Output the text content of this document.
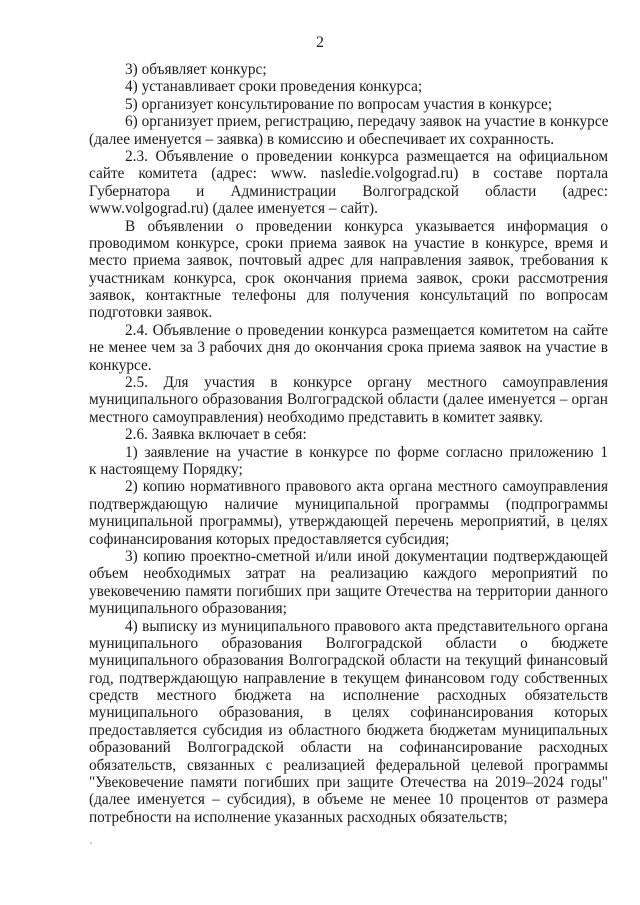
2
3) объявляет конкурс;
4) устанавливает сроки проведения конкурса;
5) организует консультирование по вопросам участия в конкурсе;
6) организует прием, регистрацию, передачу заявок на участие в конкурсе
(далее именуется – заявка) в комиссию и обеспечивает их сохранность.
2.3. Объявление о проведении конкурса размещается на официальном
сайте комитета (адрес: www. nasledie.volgograd.ru) в составе портала
Губернатора и Администрации Волгоградской области (адрес:
www.volgograd.ru) (далее именуется – сайт).
В объявлении о проведении конкурса указывается информация о
проводимом конкурсе, сроки приема заявок на участие в конкурсе, время и
место приема заявок, почтовый адрес для направления заявок, требования к
участникам конкурса, срок окончания приема заявок, сроки рассмотрения
заявок, контактные телефоны для получения консультаций по вопросам
подготовки заявок.
2.4. Объявление о проведении конкурса размещается комитетом на сайте
не менее чем за 3 рабочих дня до окончания срока приема заявок на участие в
конкурсе.
2.5. Для участия в конкурсе органу местного самоуправления
муниципального образования Волгоградской области (далее именуется – орган
местного самоуправления) необходимо представить в комитет заявку.
2.6. Заявка включает в себя:
1) заявление на участие в конкурсе по форме согласно приложению 1
к настоящему Порядку;
2) копию нормативного правового акта органа местного самоуправления
подтверждающую наличие муниципальной программы (подпрограммы
муниципальной программы), утверждающей перечень мероприятий, в целях
софинансирования которых предоставляется субсидия;
3) копию проектно-сметной и/или иной документации подтверждающей
объем необходимых затрат на реализацию каждого мероприятий по
увековечению памяти погибших при защите Отечества на территории данного
муниципального образования;
4) выписку из муниципального правового акта представительного органа
муниципального образования Волгоградской области о бюджете
муниципального образования Волгоградской области на текущий финансовый
год, подтверждающую направление в текущем финансовом году собственных
средств местного бюджета на исполнение расходных обязательств
муниципального образования, в целях софинансирования которых
предоставляется субсидия из областного бюджета бюджетам муниципальных
образований Волгоградской области на софинансирование расходных
обязательств, связанных с реализацией федеральной целевой программы
"Увековечение памяти погибших при защите Отечества на 2019–2024 годы"
(далее именуется – субсидия), в объеме не менее 10 процентов от размера
потребности на исполнение указанных расходных обязательств;
